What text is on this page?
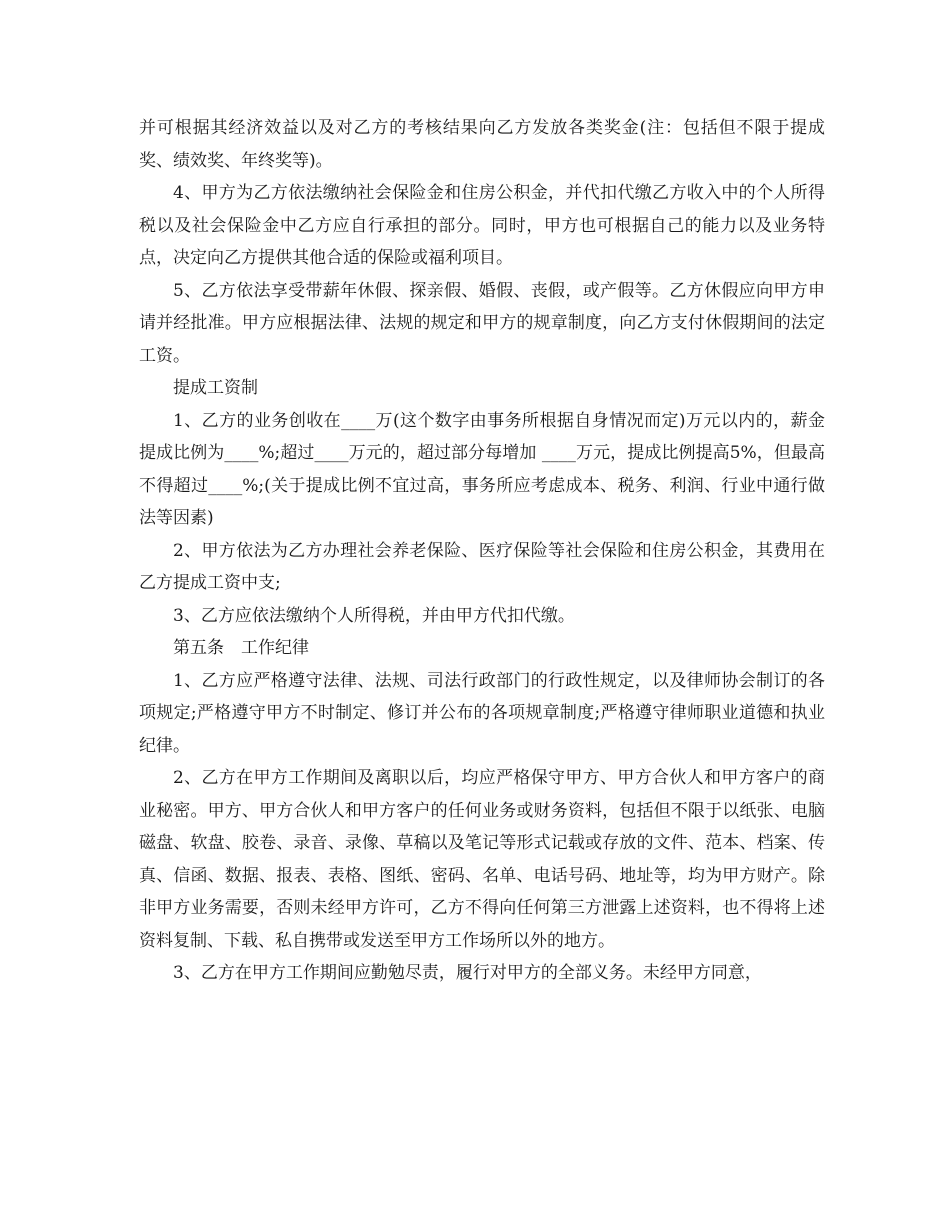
并可根据其经济效益以及对乙方的考核结果向乙方发放各类奖金(注：包括但不限于提成奖、绩效奖、年终奖等)。

4、甲方为乙方依法缴纳社会保险金和住房公积金，并代扣代缴乙方收入中的个人所得税以及社会保险金中乙方应自行承担的部分。同时，甲方也可根据自己的能力以及业务特点，决定向乙方提供其他合适的保险或福利项目。

5、乙方依法享受带薪年休假、探亲假、婚假、丧假，或产假等。乙方休假应向甲方申请并经批准。甲方应根据法律、法规的规定和甲方的规章制度，向乙方支付休假期间的法定工资。

提成工资制

1、乙方的业务创收在____万(这个数字由事务所根据自身情况而定)万元以内的，薪金提成比例为____%;超过____万元的，超过部分每增加 ____万元，提成比例提高5%，但最高不得超过____%;(关于提成比例不宜过高，事务所应考虑成本、税务、利润、行业中通行做法等因素)

2、甲方依法为乙方办理社会养老保险、医疗保险等社会保险和住房公积金，其费用在乙方提成工资中支;

3、乙方应依法缴纳个人所得税，并由甲方代扣代缴。

第五条　工作纪律

1、乙方应严格遵守法律、法规、司法行政部门的行政性规定，以及律师协会制订的各项规定;严格遵守甲方不时制定、修订并公布的各项规章制度;严格遵守律师职业道德和执业纪律。

2、乙方在甲方工作期间及离职以后，均应严格保守甲方、甲方合伙人和甲方客户的商业秘密。甲方、甲方合伙人和甲方客户的任何业务或财务资料，包括但不限于以纸张、电脑磁盘、软盘、胶卷、录音、录像、草稿以及笔记等形式记载或存放的文件、范本、档案、传真、信函、数据、报表、表格、图纸、密码、名单、电话号码、地址等，均为甲方财产。除非甲方业务需要，否则未经甲方许可，乙方不得向任何第三方泄露上述资料，也不得将上述资料复制、下载、私自携带或发送至甲方工作场所以外的地方。

3、乙方在甲方工作期间应勤勉尽责，履行对甲方的全部义务。未经甲方同意，
